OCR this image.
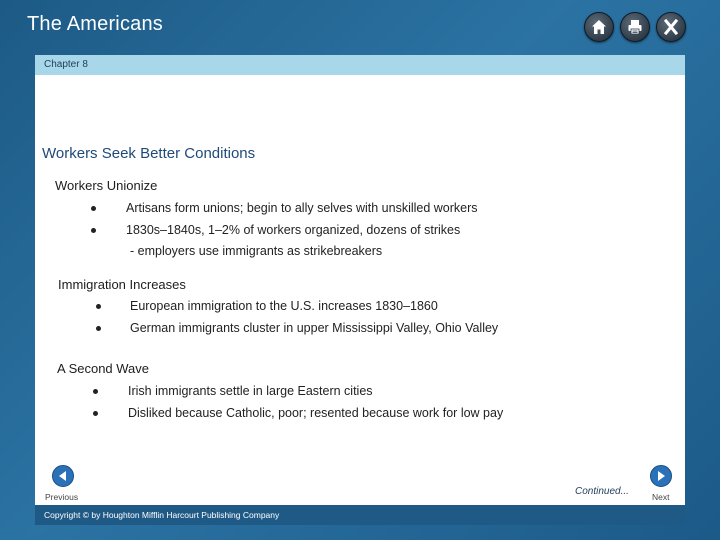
The Americans
Chapter 8
Workers Seek Better Conditions
Workers Unionize
Artisans form unions; begin to ally selves with unskilled workers
1830s–1840s, 1–2% of workers organized, dozens of strikes
- employers use immigrants as strikebreakers
Immigration Increases
European immigration to the U.S. increases 1830–1860
German immigrants cluster in upper Mississippi Valley, Ohio Valley
A Second Wave
Irish immigrants settle in large Eastern cities
Disliked because Catholic, poor; resented because work for low pay
Previous	Continued...	Next
Copyright © by Houghton Mifflin Harcourt Publishing Company
